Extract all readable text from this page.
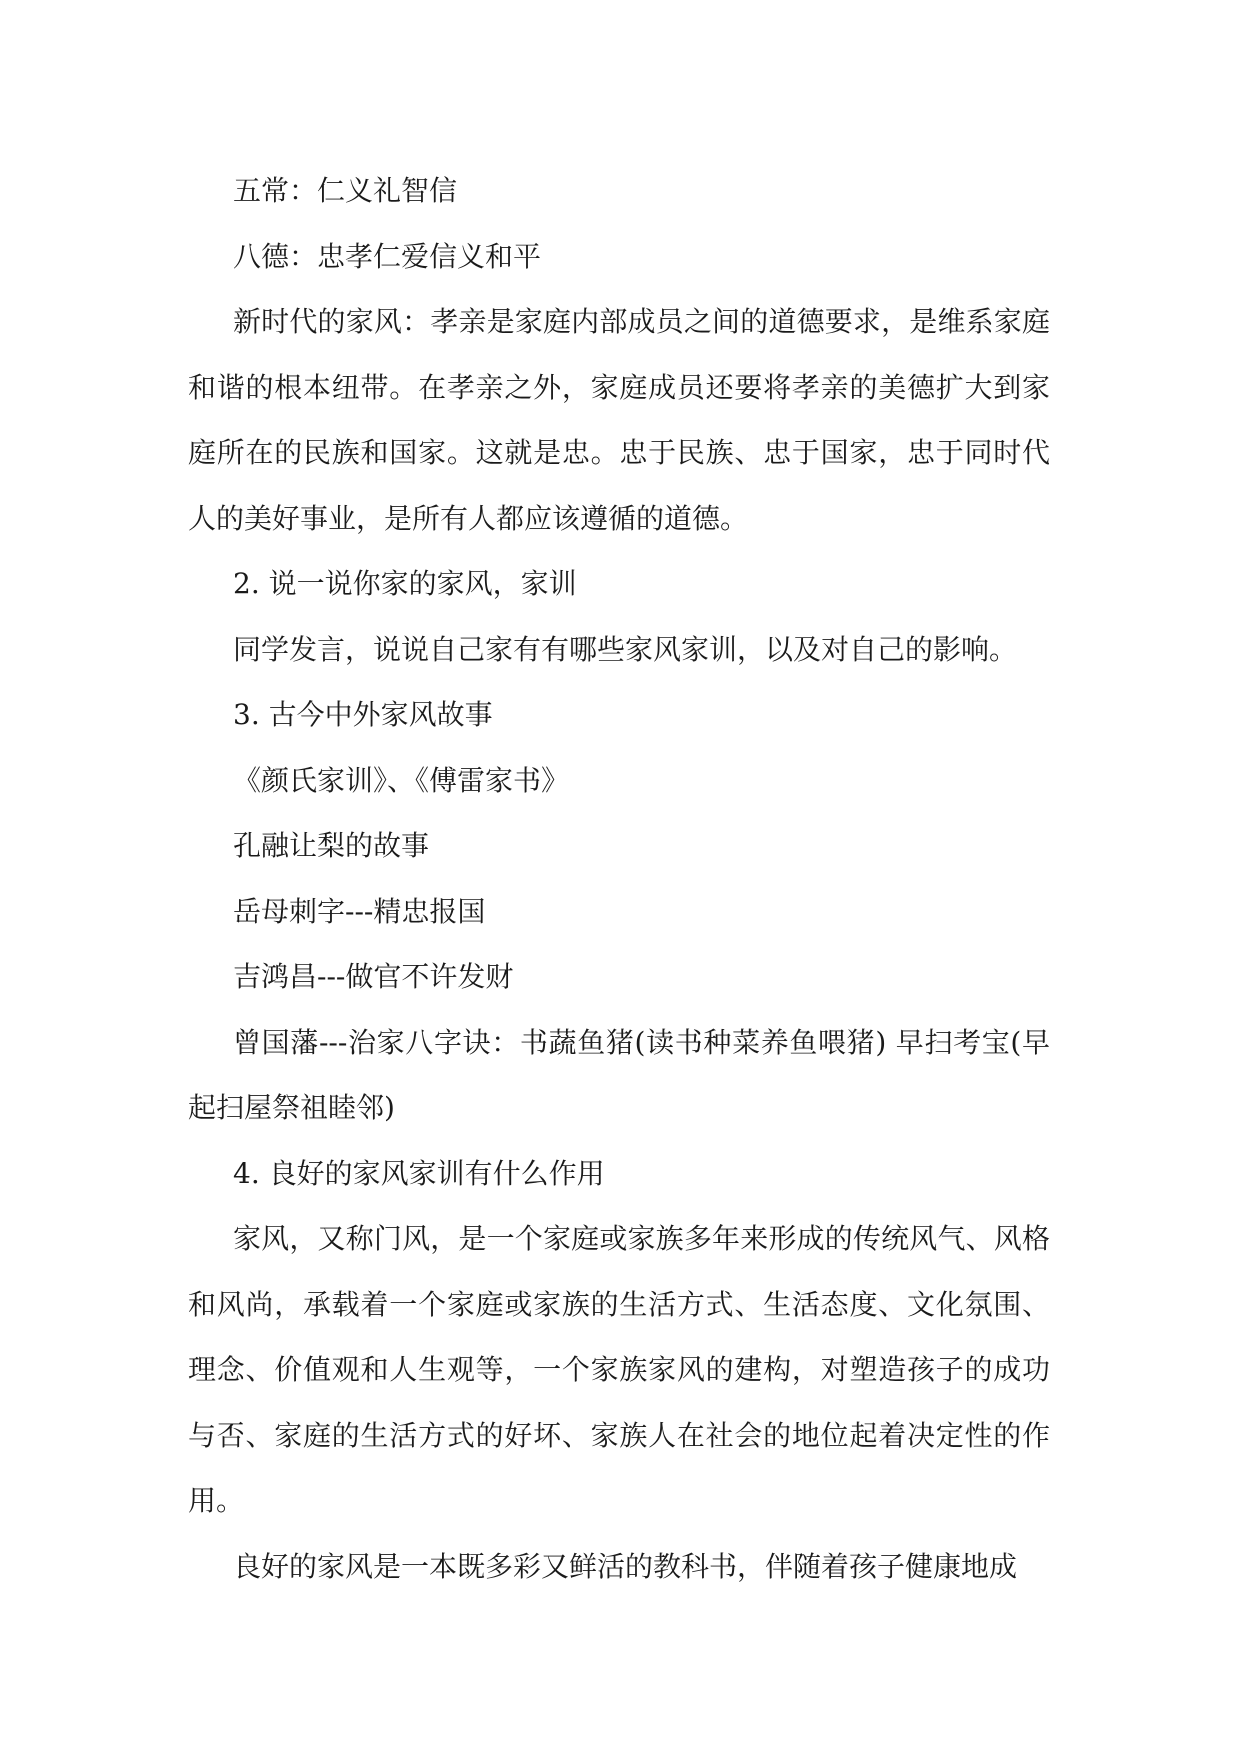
五常：仁义礼智信

八德：忠孝仁爱信义和平

新时代的家风：孝亲是家庭内部成员之间的道德要求，是维系家庭和谐的根本纽带。在孝亲之外，家庭成员还要将孝亲的美德扩大到家庭所在的民族和国家。这就是忠。忠于民族、忠于国家，忠于同时代人的美好事业，是所有人都应该遵循的道德。

2. 说一说你家的家风，家训

同学发言，说说自己家有有哪些家风家训，以及对自己的影响。

3. 古今中外家风故事

《颜氏家训》、《傅雷家书》

孔融让梨的故事

岳母刺字---精忠报国

吉鸿昌---做官不许发财

曾国藩---治家八字诀：书蔬鱼猪(读书种菜养鱼喂猪) 早扫考宝(早起扫屋祭祖睦邻)

4. 良好的家风家训有什么作用

家风，又称门风，是一个家庭或家族多年来形成的传统风气、风格和风尚，承载着一个家庭或家族的生活方式、生活态度、文化氛围、理念、价值观和人生观等，一个家族家风的建构，对塑造孩子的成功与否、家庭的生活方式的好坏、家族人在社会的地位起着决定性的作用。

良好的家风是一本既多彩又鲜活的教科书，伴随着孩子健康地成
